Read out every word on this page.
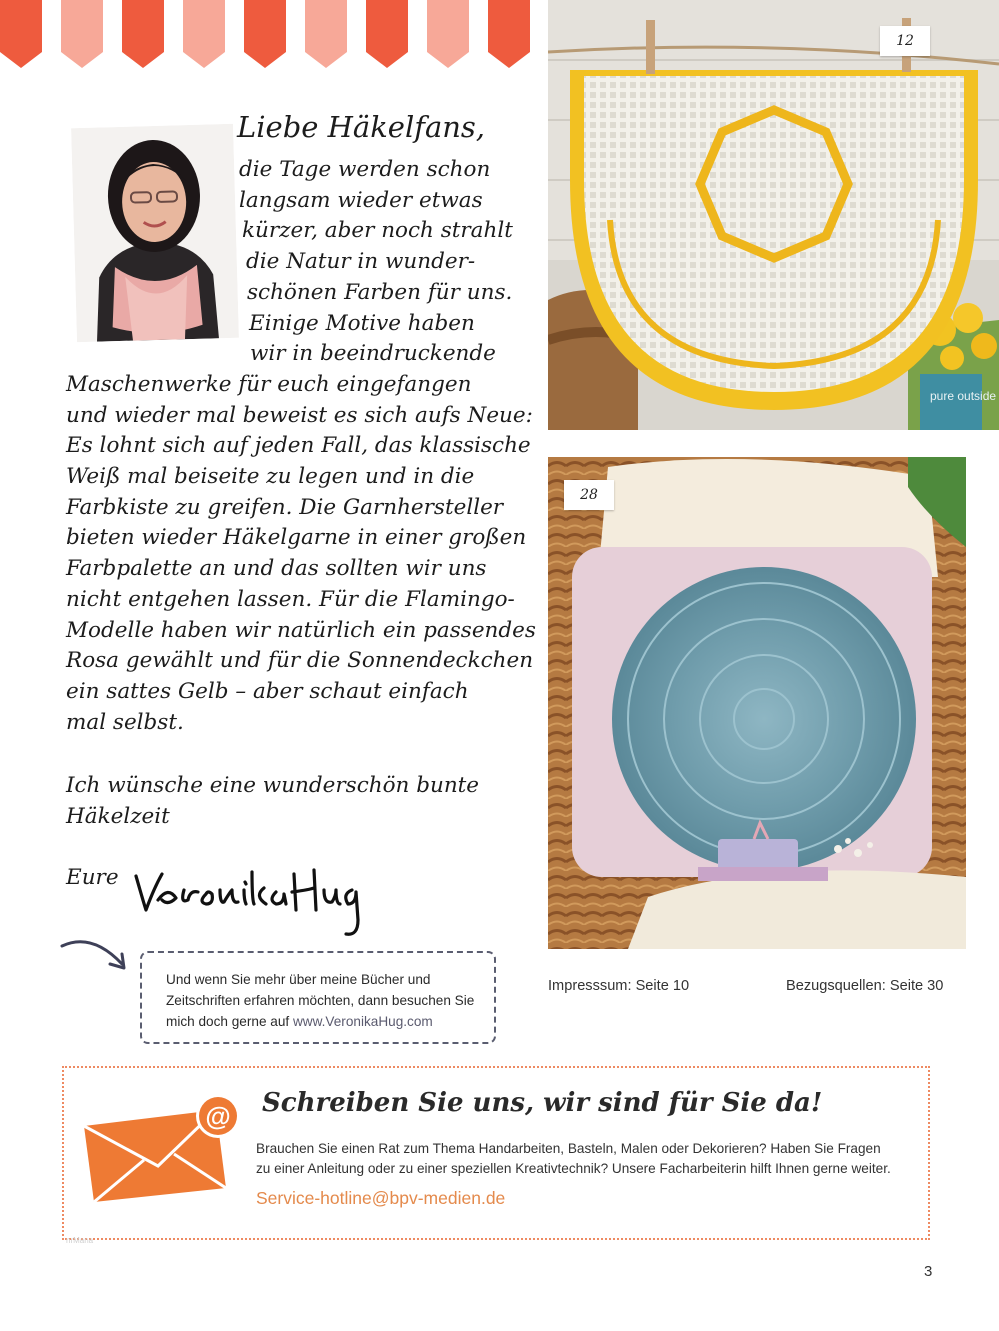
Liebe Häkelfans,
die Tage werden schon
langsam wieder etwas
kürzer, aber noch strahlt
die Natur in wunder-
schönen Farben für uns.
Einige Motive haben
wir in beeindruckende
Maschenwerke für euch eingefangen
und wieder mal beweist es sich aufs Neue:
Es lohnt sich auf jeden Fall, das klassische
Weiß mal beiseite zu legen und in die
Farbkiste zu greifen. Die Garnhersteller
bieten wieder Häkelgarne in einer großen
Farbpalette an und das sollten wir uns
nicht entgehen lassen. Für die Flamingo-
Modelle haben wir natürlich ein passendes
Rosa gewählt und für die Sonnendeckchen
ein sattes Gelb – aber schaut einfach
mal selbst.
Ich wünsche eine wunderschön bunte
Häkelzeit
Eure
Und wenn Sie mehr über meine Bücher und
Zeitschriften erfahren möchten, dann besuchen Sie
mich doch gerne auf www.VeronikaHug.com
pure outside
12
28
Impresssum: Seite 10	Bezugsquellen: Seite 30
@ Schreiben Sie uns, wir sind für Sie da!
Brauchen Sie einen Rat zum Thema Handarbeiten, Basteln, Malen oder Dekorieren? Haben Sie Fragen
zu einer Anleitung oder zu einer speziellen Kreativtechnik? Unsere Facharbeiterin hilft Ihnen gerne weiter.
Service-hotline@bpv-medien.de
nrMana
3
